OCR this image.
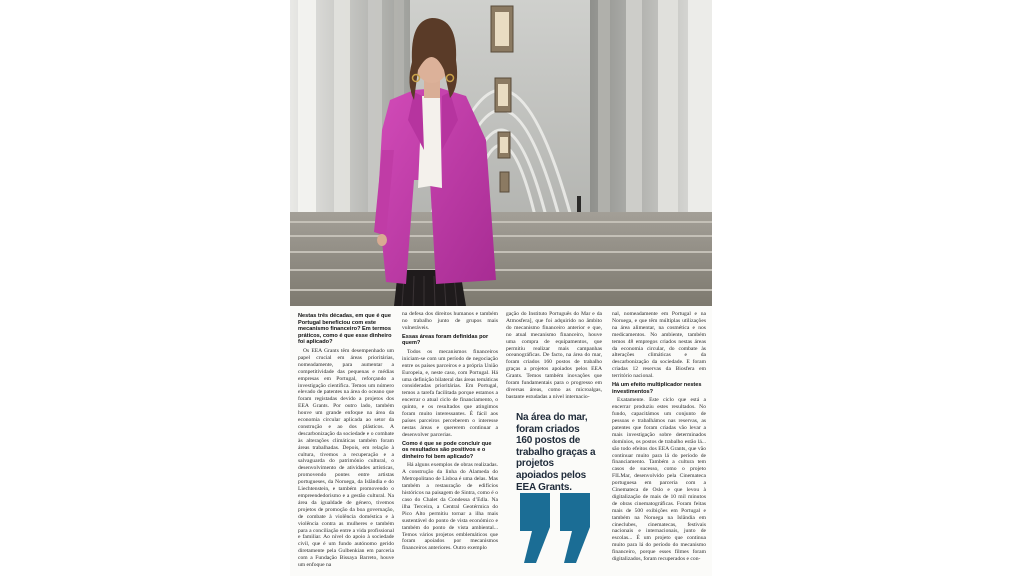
Nestas três décadas, em que é que Portugal beneficiou com este mecanismo financeiro? Em termos práticos, como é que esse dinheiro foi aplicado?

Os EEA Grants têm desempenhado um papel crucial em áreas prioritárias, nomeadamente, para aumentar a competitividade das pequenas e médias empresas em Portugal, reforçando a investigação científica. Temos um número elevado de patentes na área do oceano que foram registadas devido a projetos dos EEA Grants. Por outro lado, também houve um grande enfoque na área da economia circular aplicada ao setor da construção e ao dos plásticos. A descarbonização da sociedade e o combate às alterações climáticas também foram áreas trabalhadas. Depois, em relação à cultura, tivemos a recuperação e a salvaguarda do património cultural, o desenvolvimento de atividades artísticas, promovendo pontes entre artistas portugueses, da Noruega, da Islândia e do Liechtenstein, e também promovendo o empreendedorismo e a gestão cultural. Na área da igualdade de género, tivemos projetos de promoção da boa governação, de combate à violência doméstica e à violência contra as mulheres e também para a conciliação entre a vida profissional e familiar. Ao nível do apoio à sociedade civil, que é um fundo autónomo gerido diretamente pela Gulbenkian em parceria com a Fundação Bissaya Barreto, houve um enfoque na

na defesa dos direitos humanos e também no trabalho junto de grupos mais vulneráveis.

Essas áreas foram definidas por quem?

Todos os mecanismos financeiros iniciam-se com um período de negociação entre os países parceiros e a própria União Europeia, e, neste caso, com Portugal. Há uma definição bilateral das áreas temáticas consideradas prioritárias. Em Portugal, temos a tarefa facilitada porque estamos a encerrar o atual ciclo de financiamento, o quinto, e os resultados que atingimos foram muito interessantes. É fácil aos países parceiros perceberem o interesse nestas áreas e quererem continuar a desenvolver parcerias.

Como é que se pode concluir que os resultados são positivos e o dinheiro foi bem aplicado?

Há alguns exemplos de obras realizadas. A construção da linha do Alameda do Metropolitano de Lisboa é uma delas. Mas também a restauração de edifícios históricos na paisagem de Sintra, como é o caso do Chalet da Condessa d’Edla. Na ilha Terceira, a Central Geotérmica do Pico Alto permitiu tornar a ilha mais sustentável do ponto de vista económico e também do ponto de vista ambiental... Temos vários projetos emblemáticos que foram apoiados por mecanismos financeiros anteriores. Outro exemplo

gação do Instituto Português do Mar e da Atmosfera], que foi adquirido no âmbito do mecanismo financeiro anterior e que, no atual mecanismo financeiro, houve uma compra de equipamentos, que permitiu realizar mais campanhas oceanográficas. De facto, na área do mar, foram criados 160 postos de trabalho graças a projetos apoiados pelos EEA Grants. Temos também inovações que foram fundamentais para o progresso em diversas áreas, como as microalgas, bastante estudadas a nível internacio-

nal, nomeadamente em Portugal e na Noruega, e que têm múltiplas utilizações na área alimentar, na cosmética e nos medicamentos. No ambiente, também temos 48 empregos criados nestas áreas da economia circular, do combate às alterações climáticas e da descarbonização da sociedade. E foram criadas 12 reservas da Biosfera em território nacional.

Há um efeito multiplicador nestes investimentos?

Exatamente. Este ciclo que está a encerrar produziu estes resultados. No fundo, capacitámos um conjunto de pessoas e trabalhámos nas reservas, as patentes que foram criadas vão levar a mais investigação sobre determinados domínios, os postos de trabalho estão lá... são todo efeitos dos EEA Grants, que vão continuar muito para lá do período de financiamento. Também a cultura tem casos de sucesso, como o projeto FILMar, desenvolvido pela Cinemateca portuguesa em parceria com a Cinemateca de Oslo e que levou à digitalização de mais de 10 mil minutos de obras cinematográficas. Foram feitas mais de 500 exibições em Portugal e também na Noruega na Islândia em cineclubes, cinematecas, festivais nacionais e internacionais, junto de escolas... É um projeto que continua muito para lá do período do mecanismo financeiro, porque esses filmes foram digitalizados, foram recuperados e con-

Na área do mar, foram criados 160 postos de trabalho graças a projetos apoiados pelos EEA Grants.
